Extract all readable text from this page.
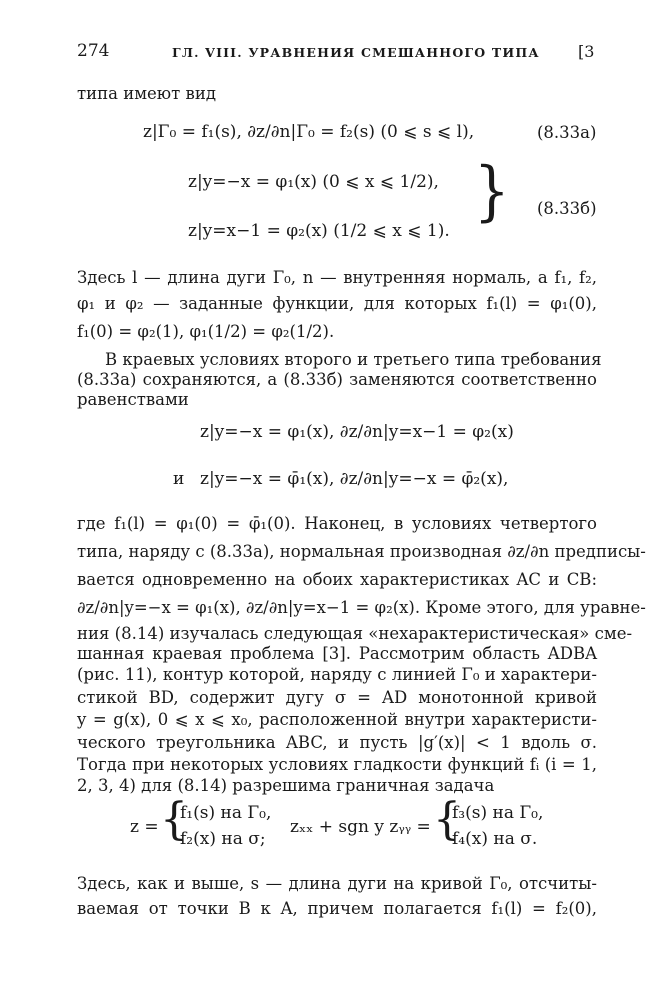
274	ГЛ. VIII. УРАВНЕНИЯ СМЕШАННОГО ТИПА [3
типа имеют вид
z|Γ₀ = f₁(s), ∂z/∂n|Γ₀ = f₂(s) (0 ⩽ s ⩽ l),	(8.33а)
z|y=−x = φ₁(x) (0 ⩽ x ⩽ 1/2),
z|y=x−1 = φ₂(x) (1/2 ⩽ x ⩽ 1).
} (8.33б)
Здесь l — длина дуги Γ₀, n — внутренняя нормаль, а f₁, f₂,
φ₁ и φ₂ — заданные функции, для которых f₁(l) = φ₁(0),
f₁(0) = φ₂(1), φ₁(1/2) = φ₂(1/2).
В краевых условиях второго и третьего типа требования
(8.33а) сохраняются, а (8.33б) заменяются соответственно
равенствами
z|y=−x = φ₁(x), ∂z/∂n|y=x−1 = φ₂(x)
и z|y=−x = φ̄₁(x), ∂z/∂n|y=−x = φ̄₂(x),
где f₁(l) = φ₁(0) = φ̄₁(0). Наконец, в условиях четвертого
типа, наряду с (8.33а), нормальная производная ∂z/∂n предписы-
вается одновременно на обоих характеристиках AC и CB:
∂z/∂n|y=−x = φ₁(x), ∂z/∂n|y=x−1 = φ₂(x). Кроме этого, для уравне-
ния (8.14) изучалась следующая «нехарактеристическая» сме-
шанная краевая проблема [3]. Рассмотрим область ADBA
(рис. 11), контур которой, наряду с линией Γ₀ и характери-
стикой BD, содержит дугу σ = AD монотонной кривой
y = g(x), 0 ⩽ x ⩽ x₀, расположенной внутри характеристи-
ческого треугольника ABC, и пусть |g′(x)| < 1 вдоль σ.
Тогда при некоторых условиях гладкости функций fᵢ (i = 1,
2, 3, 4) для (8.14) разрешима граничная задача
z = {
f₁(s) на Γ₀,
f₂(x) на σ;
zₓₓ + sgn y zᵧᵧ = {
f₃(s) на Γ₀,
f₄(x) на σ.
Здесь, как и выше, s — длина дуги на кривой Γ₀, отсчиты-
ваемая от точки B к A, причем полагается f₁(l) = f₂(0),
